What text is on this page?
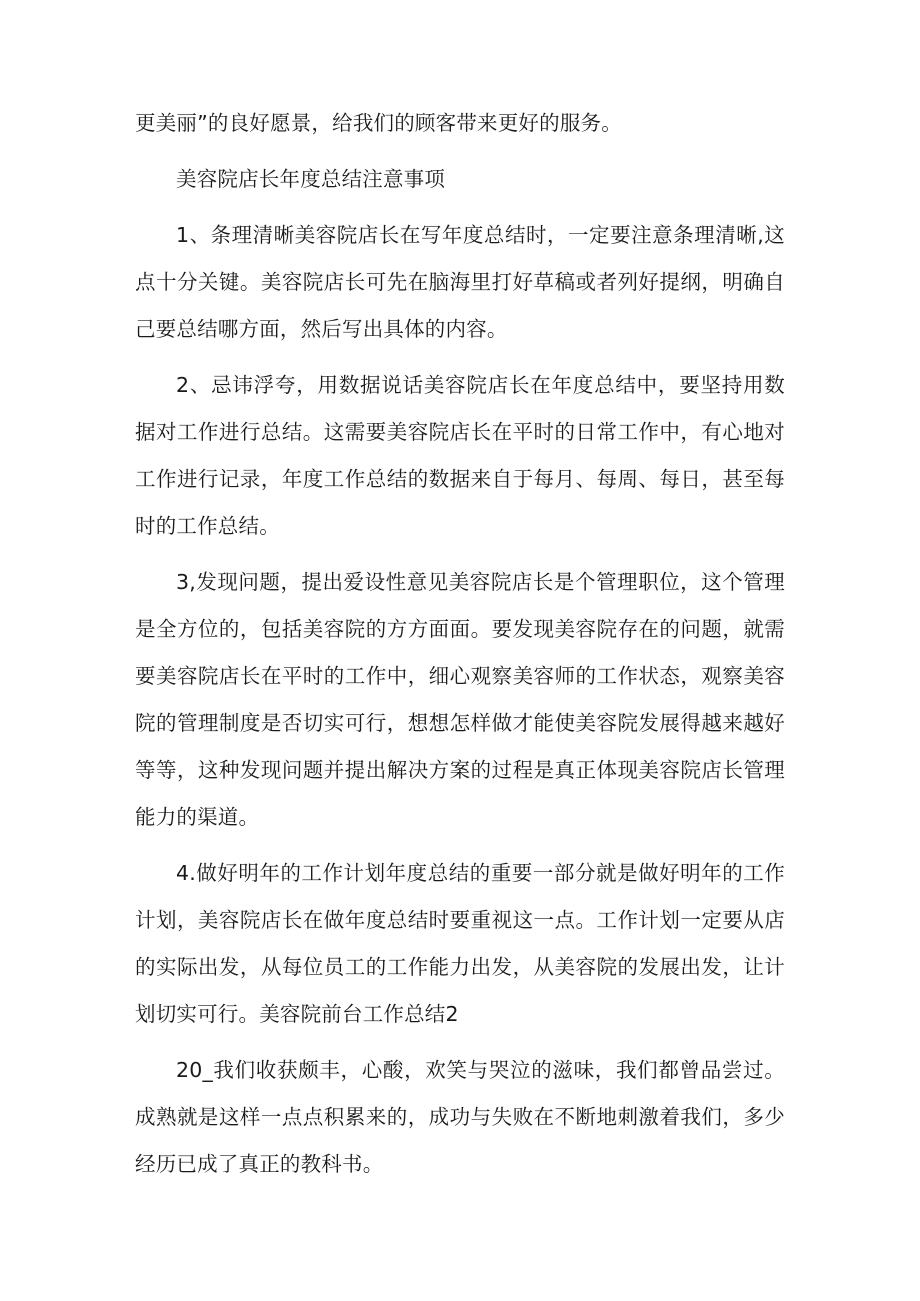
更美丽”的良好愿景，给我们的顾客带来更好的服务。

美容院店长年度总结注意事项

1、条理清晰美容院店长在写年度总结时，一定要注意条理清晰,这点十分关键。美容院店长可先在脑海里打好草稿或者列好提纲，明确自己要总结哪方面，然后写出具体的内容。

2、忌讳浮夸，用数据说话美容院店长在年度总结中，要坚持用数据对工作进行总结。这需要美容院店长在平时的日常工作中，有心地对工作进行记录，年度工作总结的数据来自于每月、每周、每日，甚至每时的工作总结。

3,发现问题，提出爱设性意见美容院店长是个管理职位，这个管理是全方位的，包括美容院的方方面面。要发现美容院存在的问题，就需要美容院店长在平时的工作中，细心观察美容师的工作状态，观察美容院的管理制度是否切实可行，想想怎样做才能使美容院发展得越来越好等等，这种发现问题并提出解决方案的过程是真正体现美容院店长管理能力的渠道。

4.做好明年的工作计划年度总结的重要一部分就是做好明年的工作计划，美容院店长在做年度总结时要重视这一点。工作计划一定要从店的实际出发，从每位员工的工作能力出发，从美容院的发展出发，让计划切实可行。美容院前台工作总结2

20_我们收获颇丰，心酸，欢笑与哭泣的滋味，我们都曾品尝过。成熟就是这样一点点积累来的，成功与失败在不断地刺激着我们，多少经历已成了真正的教科书。
